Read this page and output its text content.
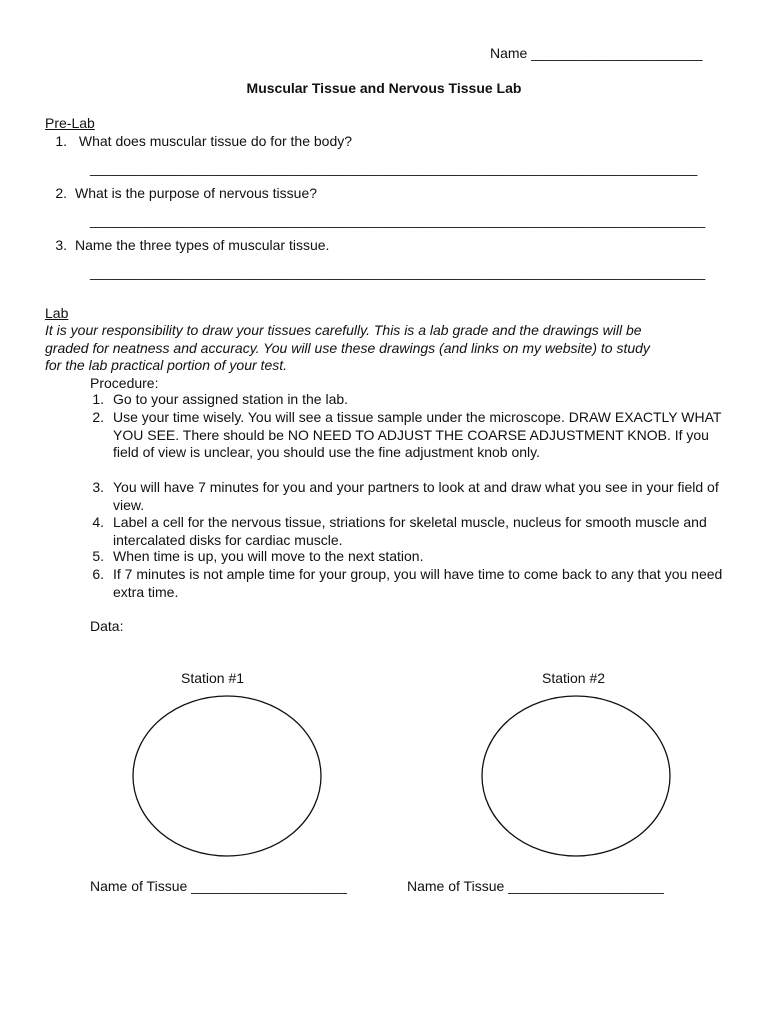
Name ______________________
Muscular Tissue and Nervous Tissue Lab
Pre-Lab
1. What does muscular tissue do for the body?
______________________________________________________________________________
2. What is the purpose of nervous tissue?
_______________________________________________________________________________
3. Name the three types of muscular tissue.
_______________________________________________________________________________
Lab
It is your responsibility to draw your tissues carefully. This is a lab grade and the drawings will be
graded for neatness and accuracy. You will use these drawings (and links on my website) to study
for the lab practical portion of your test.
Procedure:
1. Go to your assigned station in the lab.
2. Use your time wisely. You will see a tissue sample under the microscope. DRAW EXACTLY WHAT YOU SEE. There should be NO NEED TO ADJUST THE COARSE ADJUSTMENT KNOB. If you field of view is unclear, you should use the fine adjustment knob only.
3. You will have 7 minutes for you and your partners to look at and draw what you see in your field of view.
4. Label a cell for the nervous tissue, striations for skeletal muscle, nucleus for smooth muscle and intercalated disks for cardiac muscle.
5. When time is up, you will move to the next station.
6. If 7 minutes is not ample time for your group, you will have time to come back to any that you need extra time.
Data:
Station #1	Station #2
Name of Tissue ____________________	Name of Tissue ____________________
